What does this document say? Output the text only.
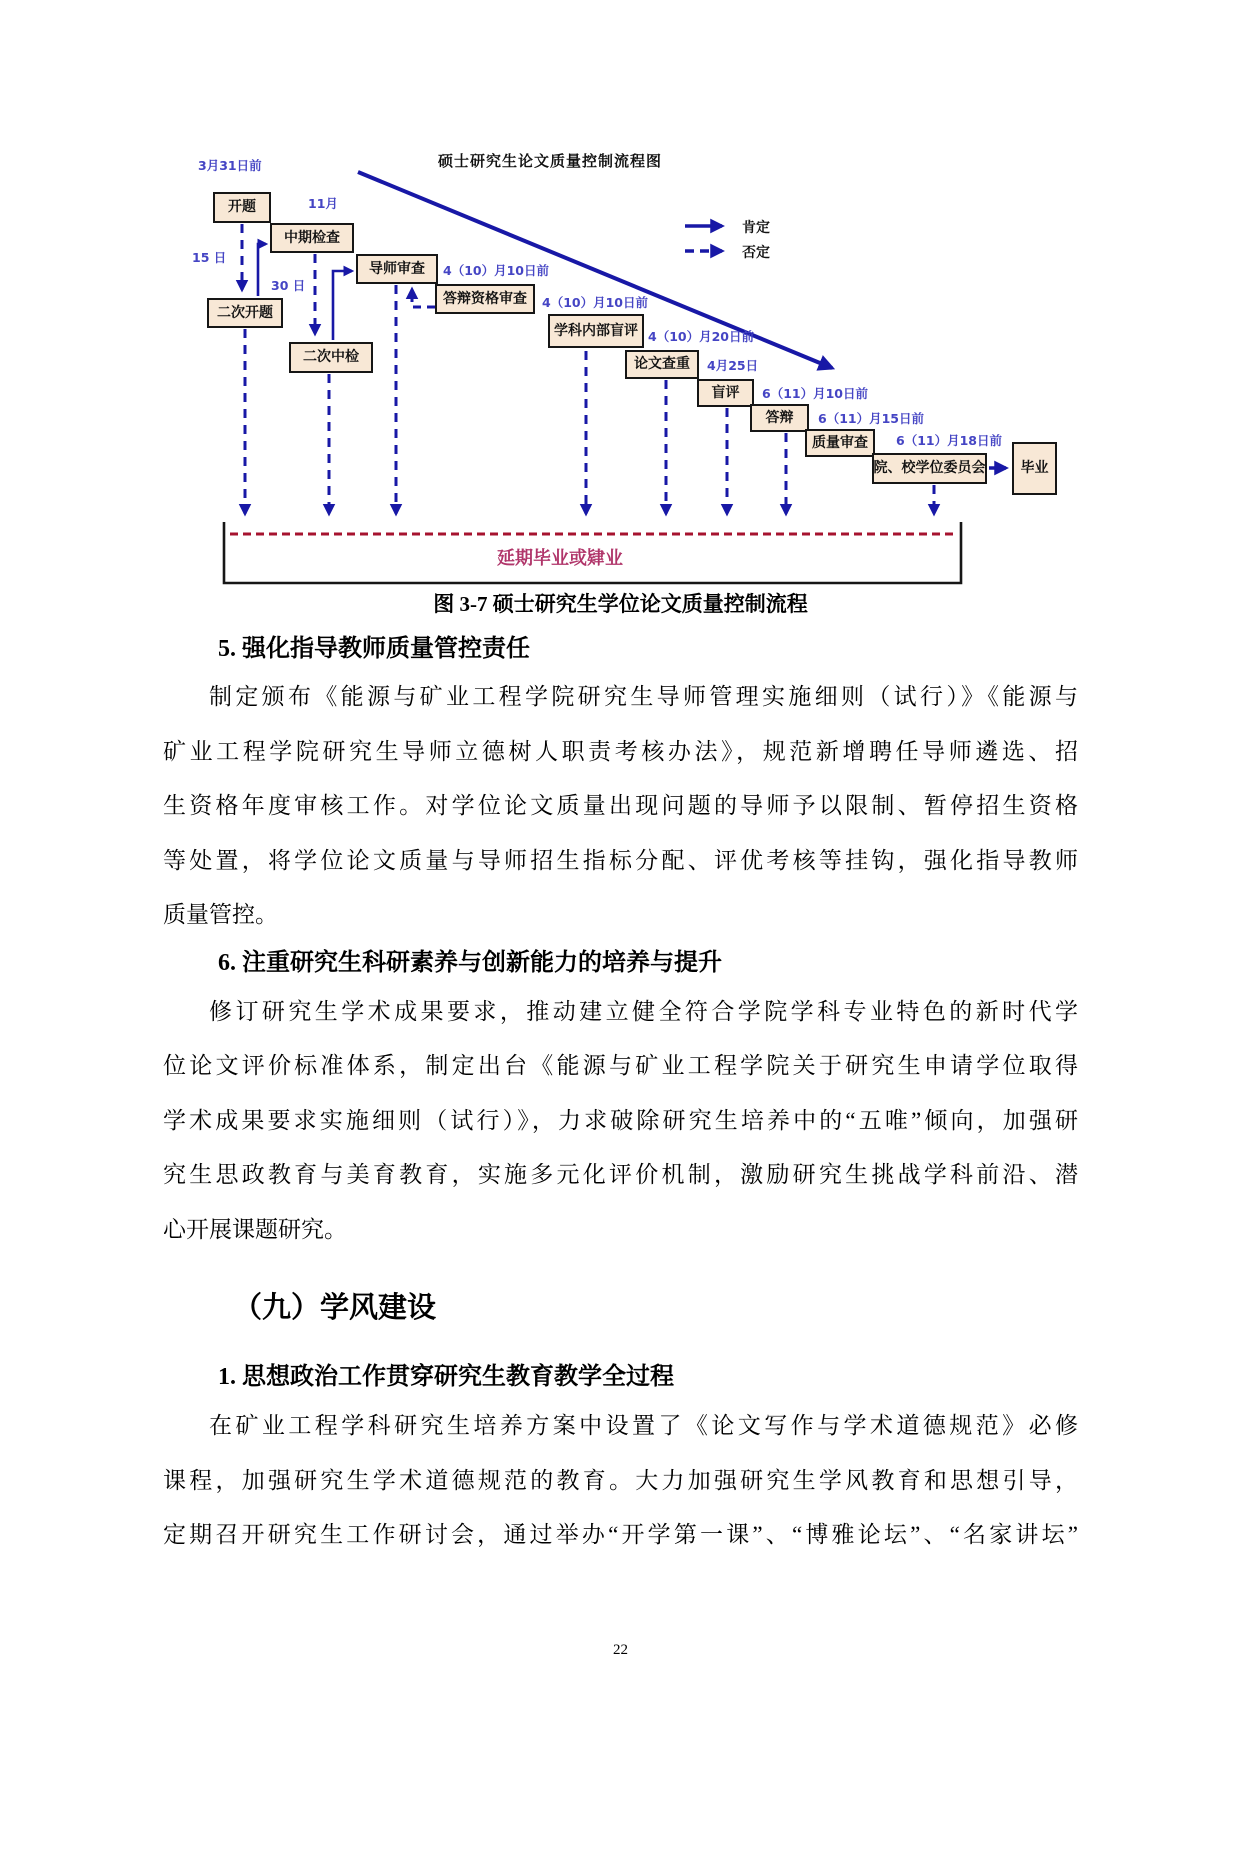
硕士研究生论文质量控制流程图
开题
二次开题
中期检查
二次中检
导师审查
答辩资格审查
学科内部盲评
论文查重
盲评
答辩
质量审查
院、校学位委员会	毕业
3月31日前
11月
15 日
30 日
4（10）月10日前
4（10）月10日前
4（10）月20日前
4月25日
6（11）月10日前
6（11）月15日前
6（11）月18日前
肯定
否定
延期毕业或肄业
图 3-7 硕士研究生学位论文质量控制流程
5. 强化指导教师质量管控责任
制定颁布《能源与矿业工程学院研究生导师管理实施细则（试行）》《能源与
矿业工程学院研究生导师立德树人职责考核办法》，规范新增聘任导师遴选、招
生资格年度审核工作。对学位论文质量出现问题的导师予以限制、暂停招生资格
等处置，将学位论文质量与导师招生指标分配、评优考核等挂钩，强化指导教师
质量管控。
6. 注重研究生科研素养与创新能力的培养与提升
修订研究生学术成果要求，推动建立健全符合学院学科专业特色的新时代学
位论文评价标准体系，制定出台《能源与矿业工程学院关于研究生申请学位取得
学术成果要求实施细则（试行）》，力求破除研究生培养中的“五唯”倾向，加强研
究生思政教育与美育教育，实施多元化评价机制，激励研究生挑战学科前沿、潜
心开展课题研究。
（九）学风建设
1. 思想政治工作贯穿研究生教育教学全过程
在矿业工程学科研究生培养方案中设置了《论文写作与学术道德规范》必修
课程，加强研究生学术道德规范的教育。大力加强研究生学风教育和思想引导，
定期召开研究生工作研讨会，通过举办“开学第一课”、“博雅论坛”、“名家讲坛”
22
